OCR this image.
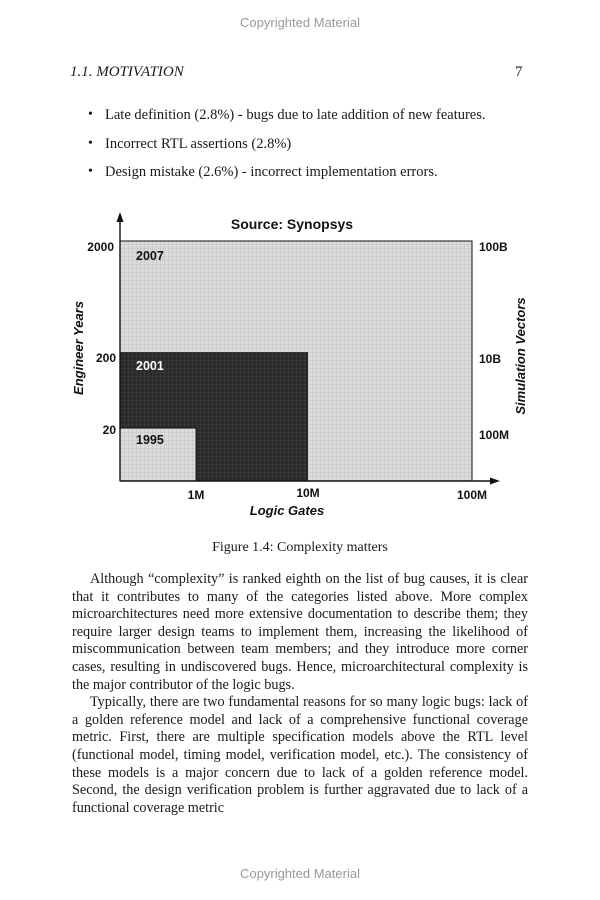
Copyrighted Material
1.1. MOTIVATION	7
• Late definition (2.8%) - bugs due to late addition of new features.
• Incorrect RTL assertions (2.8%)
• Design mistake (2.6%) - incorrect implementation errors.
Source: Synopsys
2000
200
20
100B
10B
100M
1M	10M	100M
2007
2001
1995
Logic Gates
Engineer Years	Simulation Vectors
Figure 1.4: Complexity matters

Although “complexity” is ranked eighth on the list of bug causes, it is clear that it contributes to many of the categories listed above. More complex microarchitectures need more extensive documentation to describe them; they require larger design teams to implement them, increasing the likelihood of miscommunication between team members; and they introduce more corner cases, resulting in undiscovered bugs. Hence, microarchitectural complexity is the major contributor of the logic bugs.

Typically, there are two fundamental reasons for so many logic bugs: lack of a golden reference model and lack of a comprehensive functional coverage metric. First, there are multiple specification models above the RTL level (functional model, timing model, verification model, etc.). The consistency of these models is a major concern due to lack of a golden reference model. Second, the design verification problem is further aggravated due to lack of a functional coverage metric

Copyrighted Material
